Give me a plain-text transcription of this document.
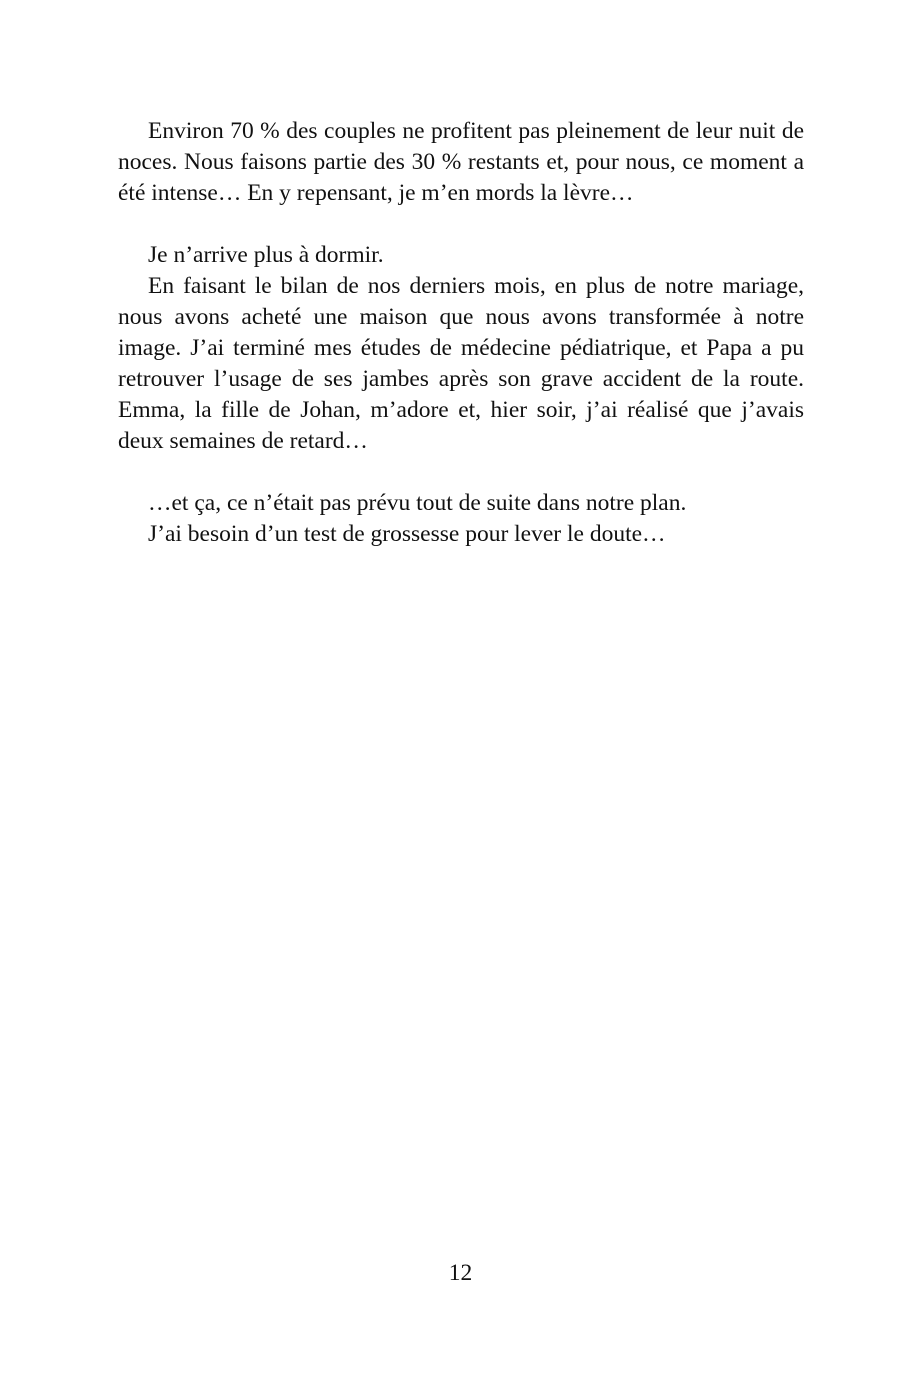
Environ 70 % des couples ne profitent pas pleinement de leur nuit de noces. Nous faisons partie des 30 % restants et, pour nous, ce moment a été intense… En y repensant, je m’en mords la lèvre…

Je n’arrive plus à dormir.

En faisant le bilan de nos derniers mois, en plus de notre mariage, nous avons acheté une maison que nous avons transformée à notre image. J’ai terminé mes études de médecine pédiatrique, et Papa a pu retrouver l’usage de ses jambes après son grave accident de la route. Emma, la fille de Johan, m’adore et, hier soir, j’ai réalisé que j’avais deux semaines de retard…

…et ça, ce n’était pas prévu tout de suite dans notre plan.

J’ai besoin d’un test de grossesse pour lever le doute…

12
